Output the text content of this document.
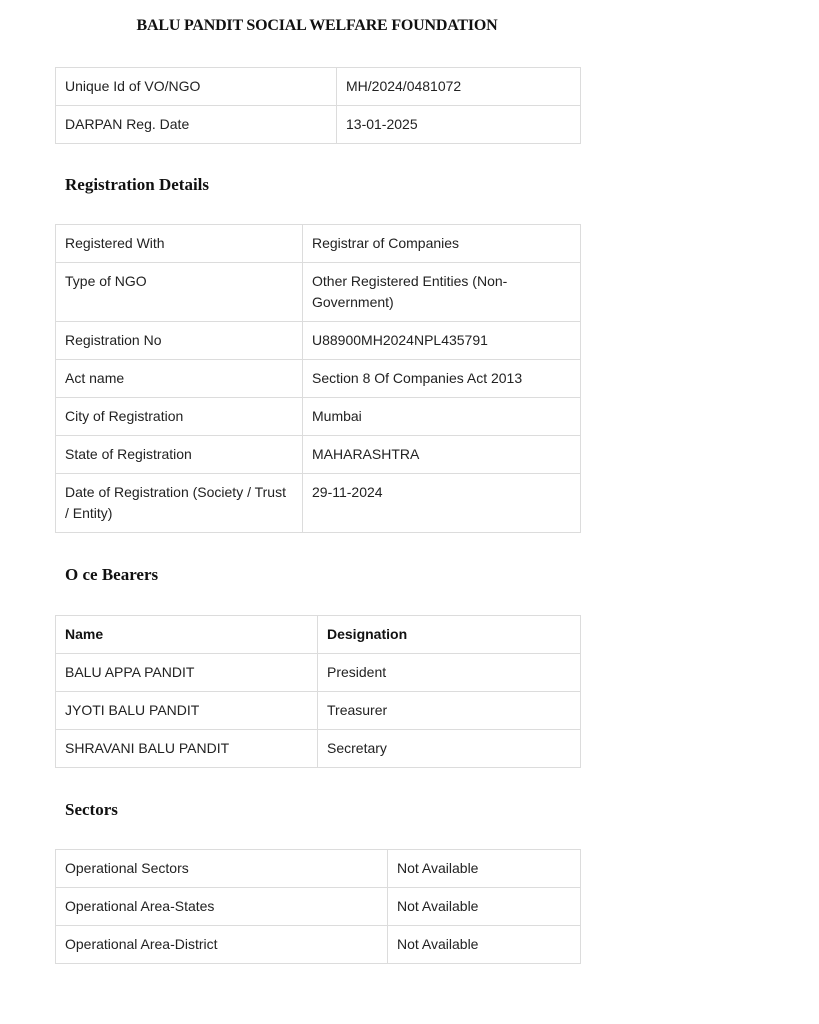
BALU PANDIT SOCIAL WELFARE FOUNDATION
Unique Id of VO/NGO	MH/2024/0481072
DARPAN Reg. Date	13-01-2025
Registration Details
Registered With	Registrar of Companies
Type of NGO	Other Registered Entities (Non-Government)
Registration No	U88900MH2024NPL435791
Act name	Section 8 Of Companies Act 2013
City of Registration	Mumbai
State of Registration	MAHARASHTRA
Date of Registration (Society / Trust / Entity)	29-11-2024
O ce Bearers
Name	Designation
BALU APPA PANDIT	President
JYOTI BALU PANDIT	Treasurer
SHRAVANI BALU PANDIT	Secretary
Sectors
Operational Sectors	Not Available
Operational Area-States	Not Available
Operational Area-District	Not Available
